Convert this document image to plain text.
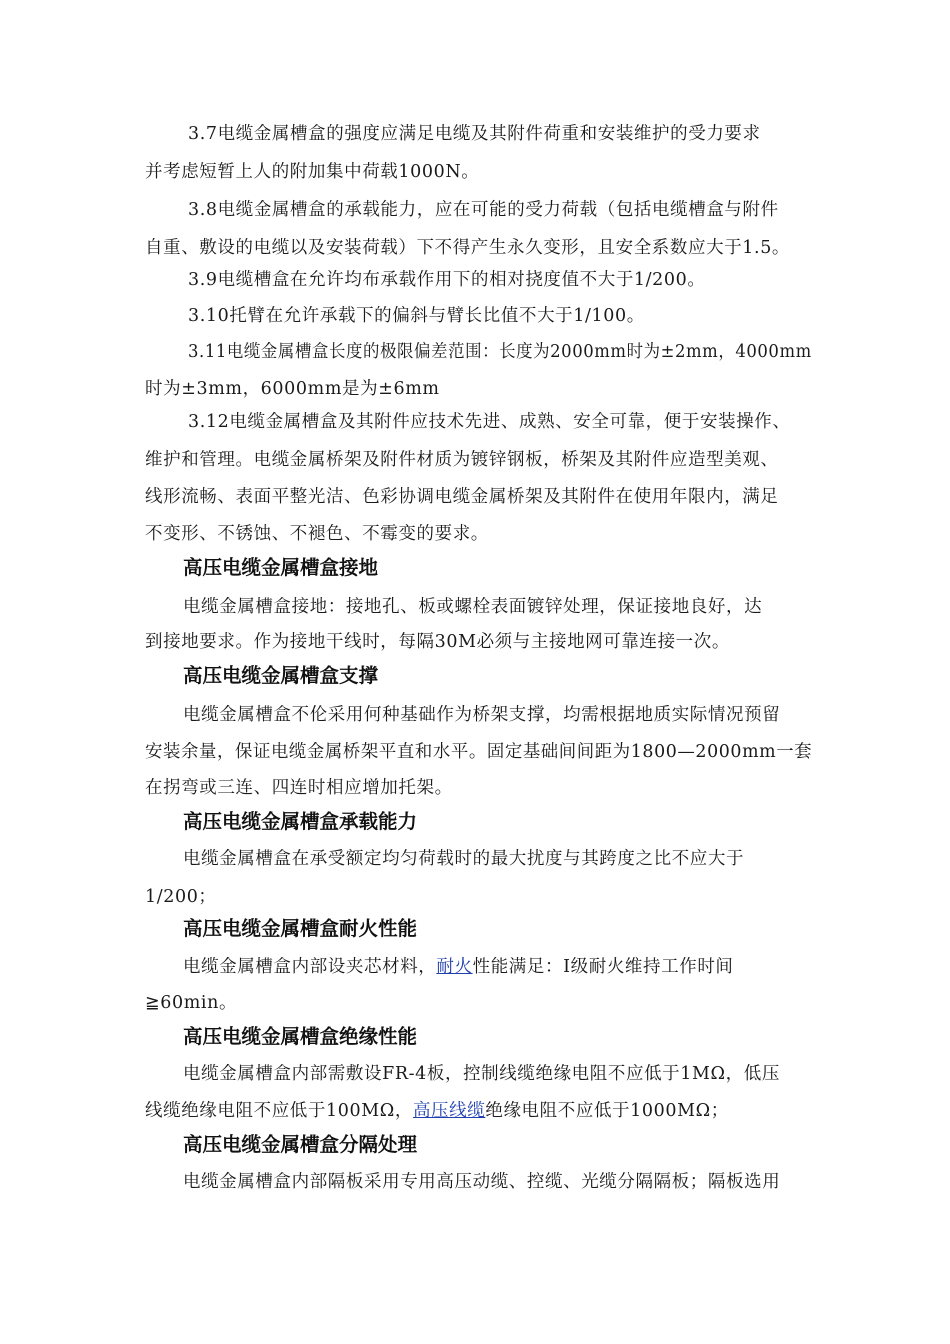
3.7电缆金属槽盒的强度应满足电缆及其附件荷重和安装维护的受力要求

并考虑短暂上人的附加集中荷载1000N。

3.8电缆金属槽盒的承载能力，应在可能的受力荷载（包括电缆槽盒与附件

自重、敷设的电缆以及安装荷载）下不得产生永久变形，且安全系数应大于1.5。

3.9电缆槽盒在允许均布承载作用下的相对挠度值不大于1/200。

3.10托臂在允许承载下的偏斜与臂长比值不大于1/100。

3.11电缆金属槽盒长度的极限偏差范围：长度为2000mm时为±2mm，4000mm

时为±3mm，6000mm是为±6mm

3.12电缆金属槽盒及其附件应技术先进、成熟、安全可靠，便于安装操作、

维护和管理。电缆金属桥架及附件材质为镀锌钢板，桥架及其附件应造型美观、

线形流畅、表面平整光洁、色彩协调电缆金属桥架及其附件在使用年限内，满足

不变形、不锈蚀、不褪色、不霉变的要求。

高压电缆金属槽盒接地

电缆金属槽盒接地：接地孔、板或螺栓表面镀锌处理，保证接地良好，达

到接地要求。作为接地干线时，每隔30M必须与主接地网可靠连接一次。

高压电缆金属槽盒支撑

电缆金属槽盒不伦采用何种基础作为桥架支撑，均需根据地质实际情况预留

安装余量，保证电缆金属桥架平直和水平。固定基础间间距为1800—2000mm一套

在拐弯或三连、四连时相应增加托架。

高压电缆金属槽盒承载能力

电缆金属槽盒在承受额定均匀荷载时的最大扰度与其跨度之比不应大于

1/200；

高压电缆金属槽盒耐火性能

电缆金属槽盒内部设夹芯材料，耐火性能满足：I级耐火维持工作时间

≧60min。

高压电缆金属槽盒绝缘性能

电缆金属槽盒内部需敷设FR-4板，控制线缆绝缘电阻不应低于1MΩ，低压

线缆绝缘电阻不应低于100MΩ，高压线缆绝缘电阻不应低于1000MΩ；

高压电缆金属槽盒分隔处理

电缆金属槽盒内部隔板采用专用高压动缆、控缆、光缆分隔隔板；隔板选用
